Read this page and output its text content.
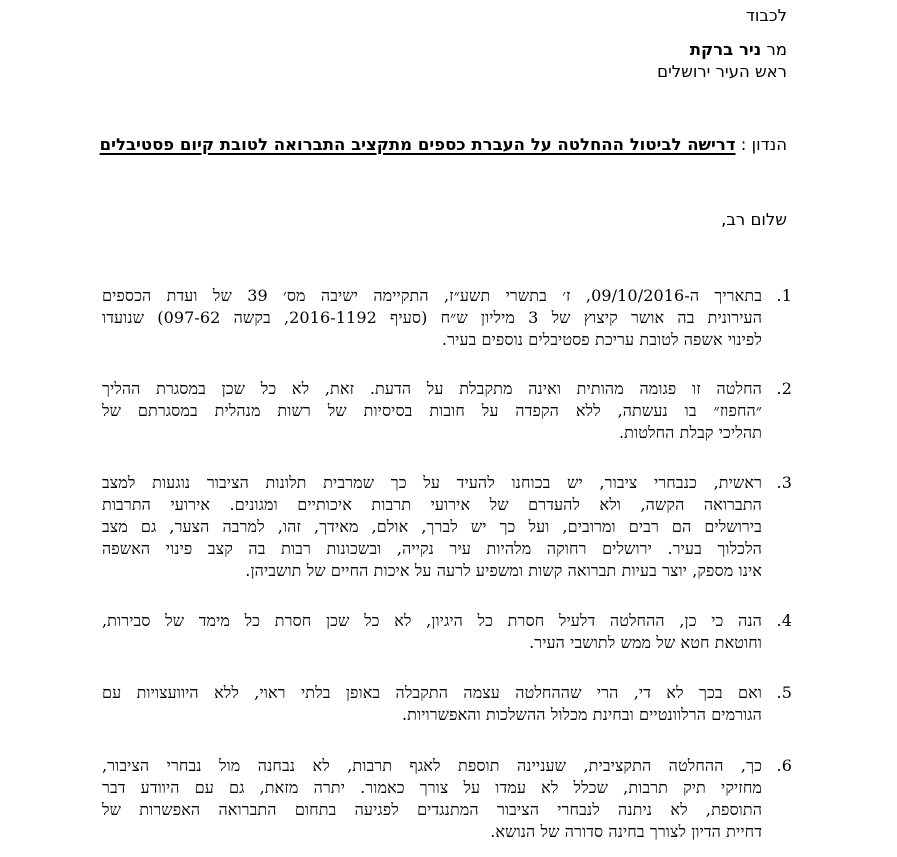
לכבוד
מר ניר ברקת
ראש העיר ירושלים
הנדון : דרישה לביטול ההחלטה על העברת כספים מתקציב התברואה לטובת קיום פסטיבלים
שלום רב,
1.
בתאריך ה-09/10/2016, ז׳ בתשרי תשע״ז, התקיימה ישיבה מס׳ 39 של ועדת הכספים
העירונית בה אושר קיצוץ של 3 מיליון ש״ח (סעיף 2016-1192, בקשה 097-62) שנועדו
לפינוי אשפה לטובת עריכת פסטיבלים נוספים בעיר.
2.
החלטה זו פגומה מהותית ואינה מתקבלת על הדעת. זאת, לא כל שכן במסגרת ההליך
״החפוז״ בו נעשתה, ללא הקפדה על חובות בסיסיות של רשות מנהלית במסגרתם של
תהליכי קבלת החלטות.
3.
ראשית, כנבחרי ציבור, יש בכוחנו להעיד על כך שמרבית תלונות הציבור נוגעות למצב
התברואה הקשה, ולא להעדרם של אירועי תרבות איכותיים ומגונים. אירועי התרבות
בירושלים הם רבים ומרובים, ועל כך יש לברך, אולם, מאידך, זהו, למרבה הצער, גם מצב
הלכלוך בעיר. ירושלים רחוקה מלהיות עיר נקייה, ובשכונות רבות בה קצב פינוי האשפה
אינו מספק, יוצר בעיות תברואה קשות ומשפיע לרעה על איכות החיים של תושביהן.
4.
הנה כי כן, ההחלטה דלעיל חסרת כל היגיון, לא כל שכן חסרת כל מימד של סבירות,
וחוטאת חטא של ממש לתושבי העיר.
5.
ואם בכך לא די, הרי שההחלטה עצמה התקבלה באופן בלתי ראוי, ללא היוועצויות עם
הגורמים הרלוונטיים ובחינת מכלול ההשלכות והאפשרויות.
6.
כך, ההחלטה התקציבית, שעניינה תוספת לאגף תרבות, לא נבחנה מול נבחרי הציבור,
מחזיקי תיק תרבות, שכלל לא עמדו על צורך כאמור. יתרה מזאת, גם עם היוודע דבר
התוספת, לא ניתנה לנבחרי הציבור המתנגדים לפגיעה בתחום התברואה האפשרות של
דחיית הדיון לצורך בחינה סדורה של הנושא.
